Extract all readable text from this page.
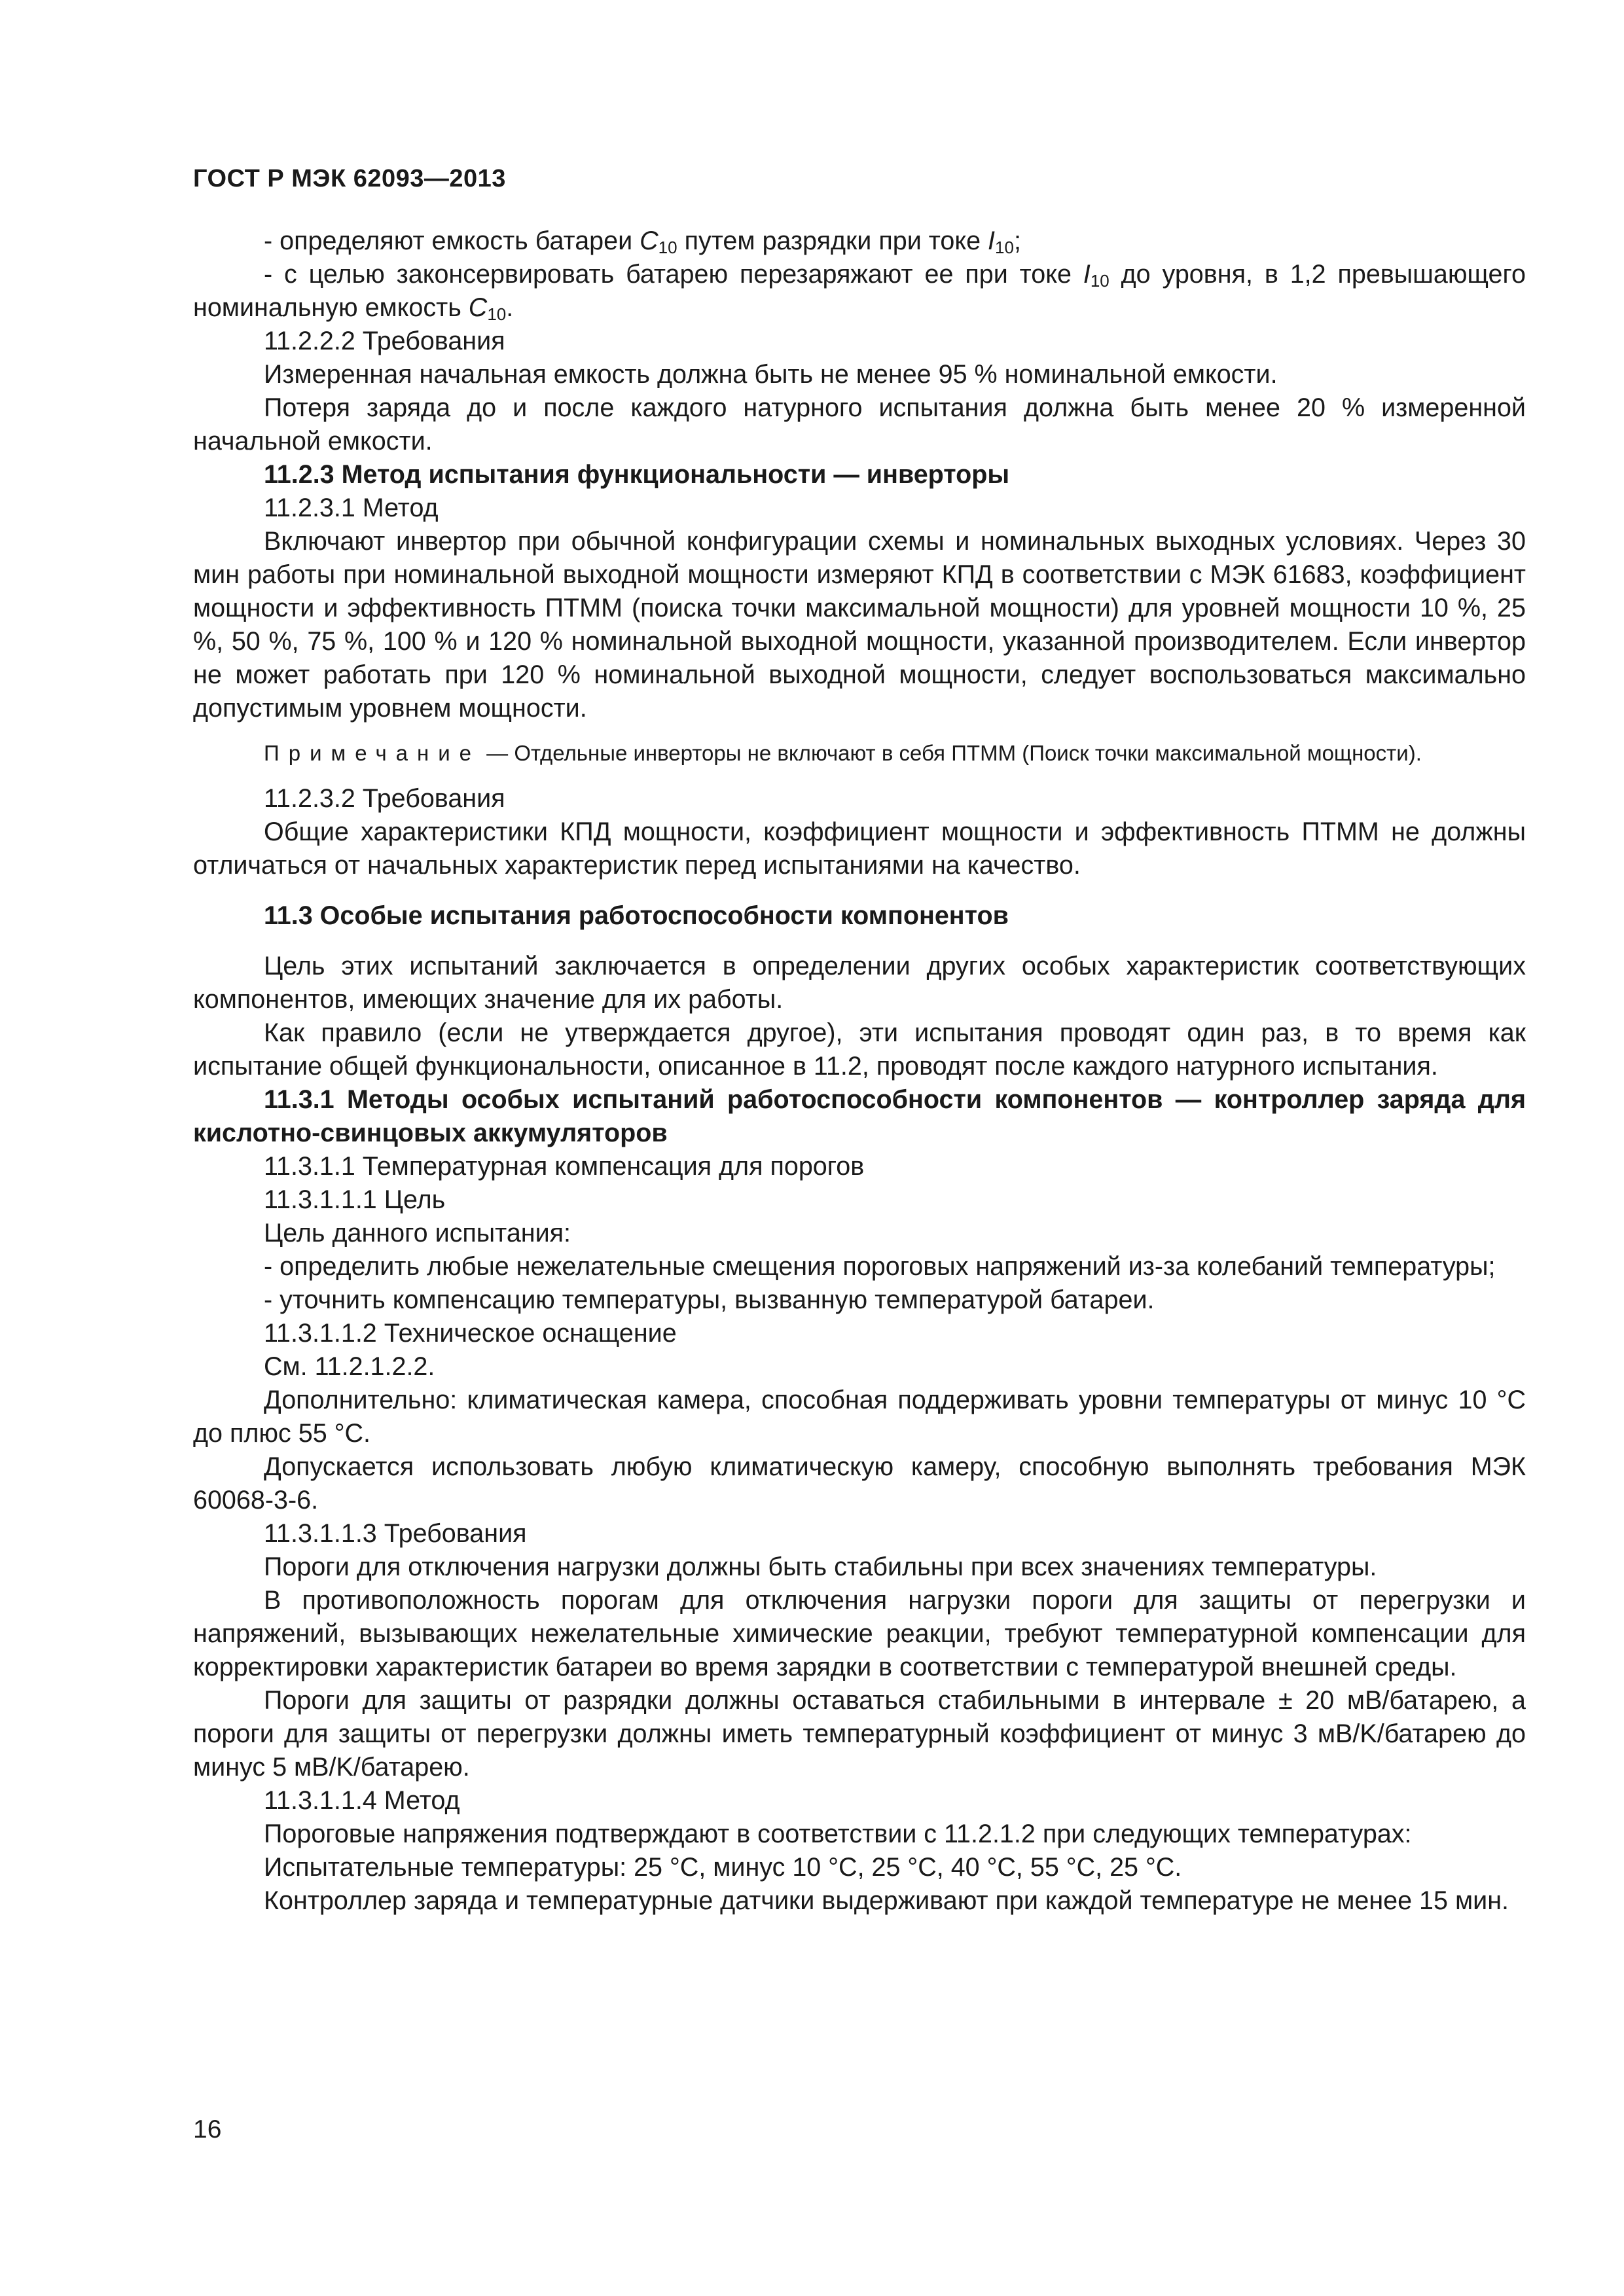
ГОСТ Р МЭК 62093—2013

- определяют емкость батареи $C_{10}$ путем разрядки при токе $I_{10}$;

- с целью законсервировать батарею перезаряжают ее при токе $I_{10}$ до уровня, в 1,2 превышающего номинальную емкость $C_{10}$.

11.2.2.2 Требования

Измеренная начальная емкость должна быть не менее 95 % номинальной емкости.

Потеря заряда до и после каждого натурного испытания должна быть менее 20 % измеренной начальной емкости.

11.2.3 Метод испытания функциональности — инверторы

11.2.3.1 Метод

Включают инвертор при обычной конфигурации схемы и номинальных выходных условиях. Через 30 мин работы при номинальной выходной мощности измеряют КПД в соответствии с МЭК 61683, коэффициент мощности и эффективность ПТММ (поиска точки максимальной мощности) для уровней мощности 10 %, 25 %, 50 %, 75 %, 100 % и 120 % номинальной выходной мощности, указанной производителем. Если инвертор не может работать при 120 % номинальной выходной мощности, следует воспользоваться максимально допустимым уровнем мощности.

Примечание — Отдельные инверторы не включают в себя ПТММ (Поиск точки максимальной мощности).

11.2.3.2 Требования

Общие характеристики КПД мощности, коэффициент мощности и эффективность ПТММ не должны отличаться от начальных характеристик перед испытаниями на качество.

11.3 Особые испытания работоспособности компонентов

Цель этих испытаний заключается в определении других особых характеристик соответствующих компонентов, имеющих значение для их работы.

Как правило (если не утверждается другое), эти испытания проводят один раз, в то время как испытание общей функциональности, описанное в 11.2, проводят после каждого натурного испытания.

11.3.1 Методы особых испытаний работоспособности компонентов — контроллер заряда для кислотно-свинцовых аккумуляторов

11.3.1.1 Температурная компенсация для порогов

11.3.1.1.1 Цель

Цель данного испытания:

- определить любые нежелательные смещения пороговых напряжений из-за колебаний температуры;

- уточнить компенсацию температуры, вызванную температурой батареи.

11.3.1.1.2 Техническое оснащение

См. 11.2.1.2.2.

Дополнительно: климатическая камера, способная поддерживать уровни температуры от минус 10 °C до плюс 55 °C.

Допускается использовать любую климатическую камеру, способную выполнять требования МЭК 60068-3-6.

11.3.1.1.3 Требования

Пороги для отключения нагрузки должны быть стабильны при всех значениях температуры.

В противоположность порогам для отключения нагрузки пороги для защиты от перегрузки и напряжений, вызывающих нежелательные химические реакции, требуют температурной компенсации для корректировки характеристик батареи во время зарядки в соответствии с температурой внешней среды.

Пороги для защиты от разрядки должны оставаться стабильными в интервале ± 20 мВ/батарею, а пороги для защиты от перегрузки должны иметь температурный коэффициент от минус 3 мВ/K/батарею до минус 5 мВ/K/батарею.

11.3.1.1.4 Метод

Пороговые напряжения подтверждают в соответствии с 11.2.1.2 при следующих температурах:

Испытательные температуры: 25 °C, минус 10 °C, 25 °C, 40 °C, 55 °C, 25 °C.

Контроллер заряда и температурные датчики выдерживают при каждой температуре не менее 15 мин.

16
